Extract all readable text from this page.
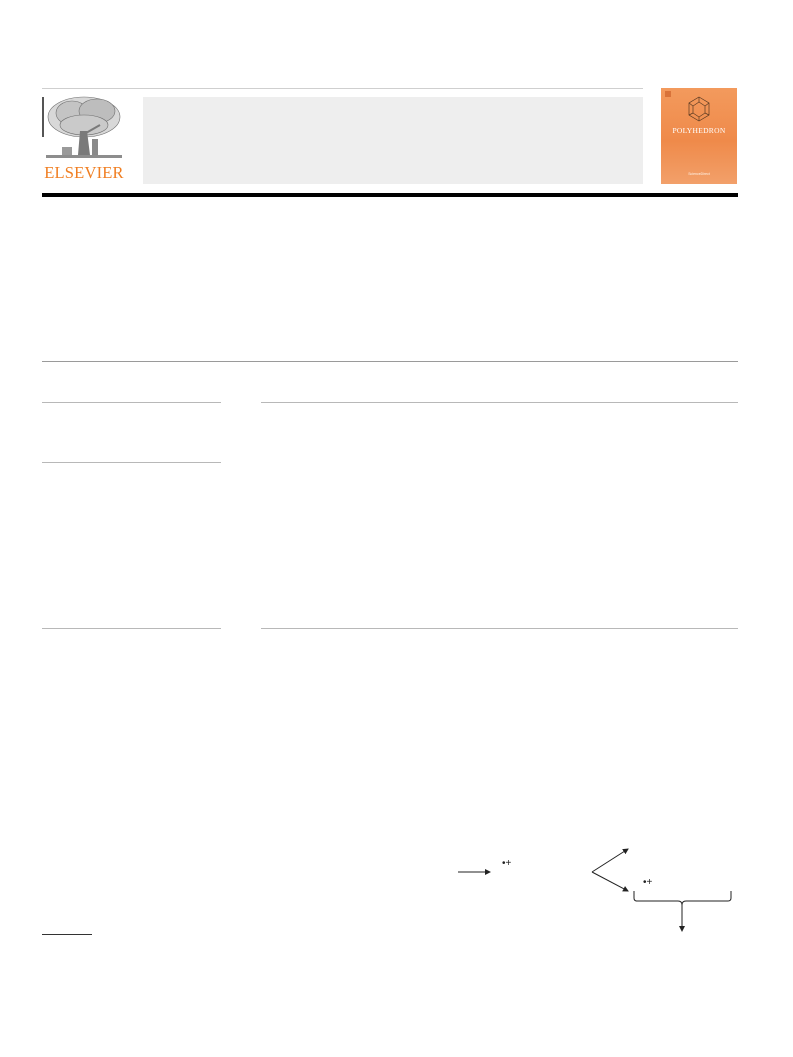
ELSEVIER
POLYHEDRON
ScienceDirect
•+
•+
